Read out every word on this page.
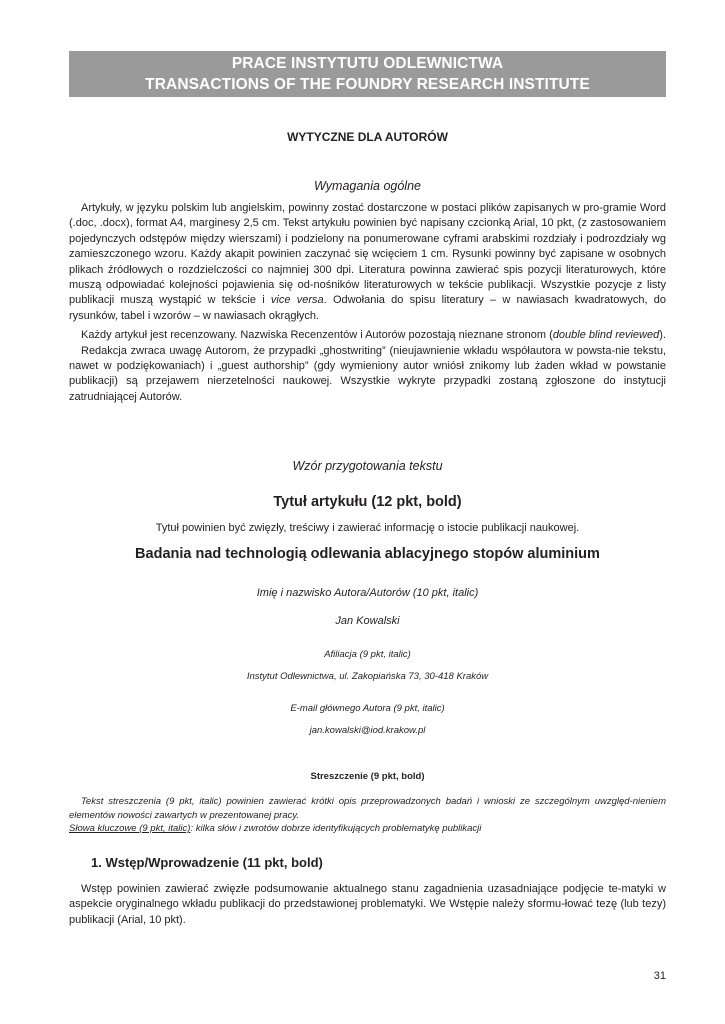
PRACE INSTYTUTU ODLEWNICTWA
TRANSACTIONS OF THE FOUNDRY RESEARCH INSTITUTE
WYTYCZNE DLA AUTORÓW
Wymagania ogólne

Artykuły, w języku polskim lub angielskim, powinny zostać dostarczone w postaci plików zapisanych w pro-gramie Word (.doc, .docx), format A4, marginesy 2,5 cm. Tekst artykułu powinien być napisany czcionką Arial, 10 pkt, (z zastosowaniem pojedynczych odstępów między wierszami) i podzielony na ponumerowane cyframi arabskimi rozdziały i podrozdziały wg zamieszczonego wzoru. Każdy akapit powinien zaczynać się wcięciem 1 cm. Rysunki powinny być zapisane w osobnych plikach źródłowych o rozdzielczości co najmniej 300 dpi. Literatura powinna zawierać spis pozycji literaturowych, które muszą odpowiadać kolejności pojawienia się od-nośników literaturowych w tekście publikacji. Wszystkie pozycje z listy publikacji muszą wystąpić w tekście i vice versa. Odwołania do spisu literatury – w nawiasach kwadratowych, do rysunków, tabel i wzorów – w nawiasach okrągłych.

Każdy artykuł jest recenzowany. Nazwiska Recenzentów i Autorów pozostają nieznane stronom (double blind reviewed).

Redakcja zwraca uwagę Autorom, że przypadki „ghostwriting” (nieujawnienie wkładu współautora w powsta-nie tekstu, nawet w podziękowaniach) i „guest authorship” (gdy wymieniony autor wniósł znikomy lub żaden wkład w powstanie publikacji) są przejawem nierzetelności naukowej. Wszystkie wykryte przypadki zostaną zgłoszone do instytucji zatrudniającej Autorów.

Wzór przygotowania tekstu
Tytuł artykułu (12 pkt, bold)
Tytuł powinien być zwięzły, treściwy i zawierać informację o istocie publikacji naukowej.
Badania nad technologią odlewania ablacyjnego stopów aluminium
Imię i nazwisko Autora/Autorów (10 pkt, italic)
Jan Kowalski
Afiliacja (9 pkt, italic)
Instytut Odlewnictwa, ul. Zakopiańska 73, 30-418 Kraków
E-mail głównego Autora (9 pkt, italic)
jan.kowalski@iod.krakow.pl
Streszczenie (9 pkt, bold)

Tekst streszczenia (9 pkt, italic) powinien zawierać krótki opis przeprowadzonych badań i wnioski ze szczególnym uwzględ-nieniem elementów nowości zawartych w prezentowanej pracy.

Słowa kluczowe (9 pkt, italic): kilka słów i zwrotów dobrze identyfikujących problematykę publikacji

1. Wstęp/Wprowadzenie (11 pkt, bold)

Wstęp powinien zawierać zwięzłe podsumowanie aktualnego stanu zagadnienia uzasadniające podjęcie te-matyki w aspekcie oryginalnego wkładu publikacji do przedstawionej problematyki. We Wstępie należy sformu-łować tezę (lub tezy) publikacji (Arial, 10 pkt).

31
